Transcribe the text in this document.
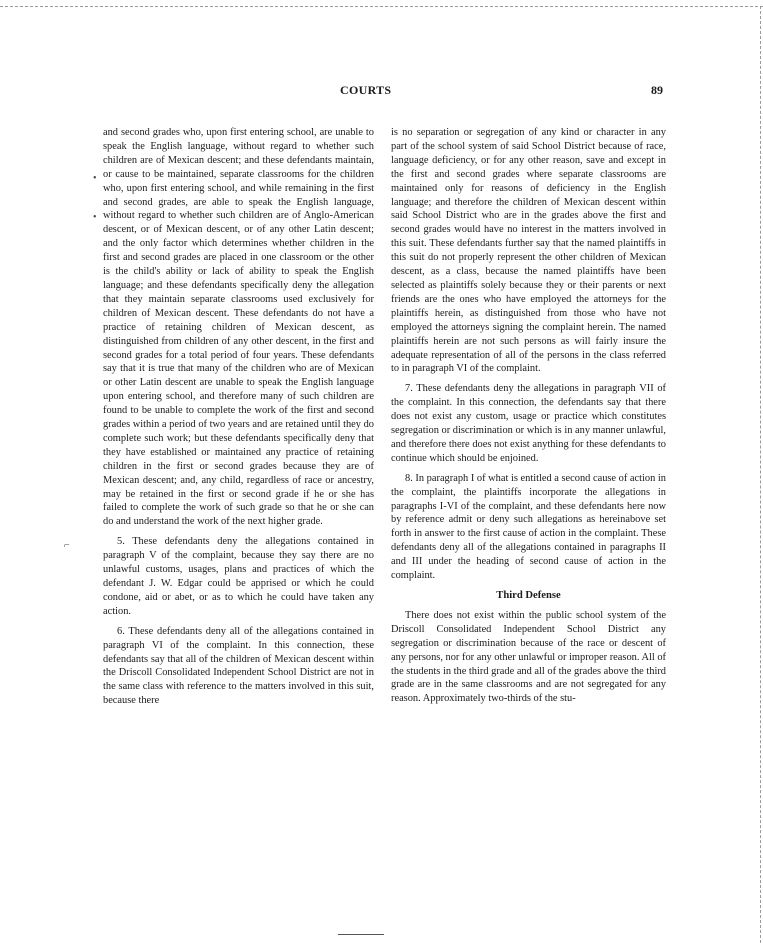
COURTS	89
•
•
⌐

and second grades who, upon first entering school, are unable to speak the English language, without regard to whether such children are of Mexican descent; and these defendants maintain, or cause to be maintained, separate classrooms for the children who, upon first entering school, and while remaining in the first and second grades, are able to speak the English language, without regard to whether such children are of Anglo-American descent, or of Mexican descent, or of any other Latin descent; and the only factor which determines whether children in the first and second grades are placed in one classroom or the other is the child's ability or lack of ability to speak the English language; and these defendants specifically deny the allegation that they maintain separate classrooms used exclusively for children of Mexican descent. These defendants do not have a practice of retaining children of Mexican descent, as distinguished from children of any other descent, in the first and second grades for a total period of four years. These defendants say that it is true that many of the children who are of Mexican or other Latin descent are unable to speak the English language upon entering school, and therefore many of such children are found to be unable to complete the work of the first and second grades within a period of two years and are retained until they do complete such work; but these defendants specifically deny that they have established or maintained any practice of retaining children in the first or second grades because they are of Mexican descent; and, any child, regardless of race or ancestry, may be retained in the first or second grade if he or she has failed to complete the work of such grade so that he or she can do and understand the work of the next higher grade.

5. These defendants deny the allegations contained in paragraph V of the complaint, because they say there are no unlawful customs, usages, plans and practices of which the defendant J. W. Edgar could be apprised or which he could condone, aid or abet, or as to which he could have taken any action.

6. These defendants deny all of the allegations contained in paragraph VI of the complaint. In this connection, these defendants say that all of the children of Mexican descent within the Driscoll Consolidated Independent School District are not in the same class with reference to the matters involved in this suit, because there

is no separation or segregation of any kind or character in any part of the school system of said School District because of race, language deficiency, or for any other reason, save and except in the first and second grades where separate classrooms are maintained only for reasons of deficiency in the English language; and therefore the children of Mexican descent within said School District who are in the grades above the first and second grades would have no interest in the matters involved in this suit. These defendants further say that the named plaintiffs in this suit do not properly represent the other children of Mexican descent, as a class, because the named plaintiffs have been selected as plaintiffs solely because they or their parents or next friends are the ones who have employed the attorneys for the plaintiffs herein, as distinguished from those who have not employed the attorneys signing the complaint herein. The named plaintiffs herein are not such persons as will fairly insure the adequate representation of all of the persons in the class referred to in paragraph VI of the complaint.

7. These defendants deny the allegations in paragraph VII of the complaint. In this connection, the defendants say that there does not exist any custom, usage or practice which constitutes segregation or discrimination or which is in any manner unlawful, and therefore there does not exist anything for these defendants to continue which should be enjoined.

8. In paragraph I of what is entitled a second cause of action in the complaint, the plaintiffs incorporate the allegations in paragraphs I-VI of the complaint, and these defendants here now by reference admit or deny such allegations as hereinabove set forth in answer to the first cause of action in the complaint. These defendants deny all of the allegations contained in paragraphs II and III under the heading of second cause of action in the complaint.

Third Defense

There does not exist within the public school system of the Driscoll Consolidated Independent School District any segregation or discrimination because of the race or descent of any persons, nor for any other unlawful or improper reason. All of the students in the third grade and all of the grades above the third grade are in the same classrooms and are not segregated for any reason. Approximately two-thirds of the stu-
